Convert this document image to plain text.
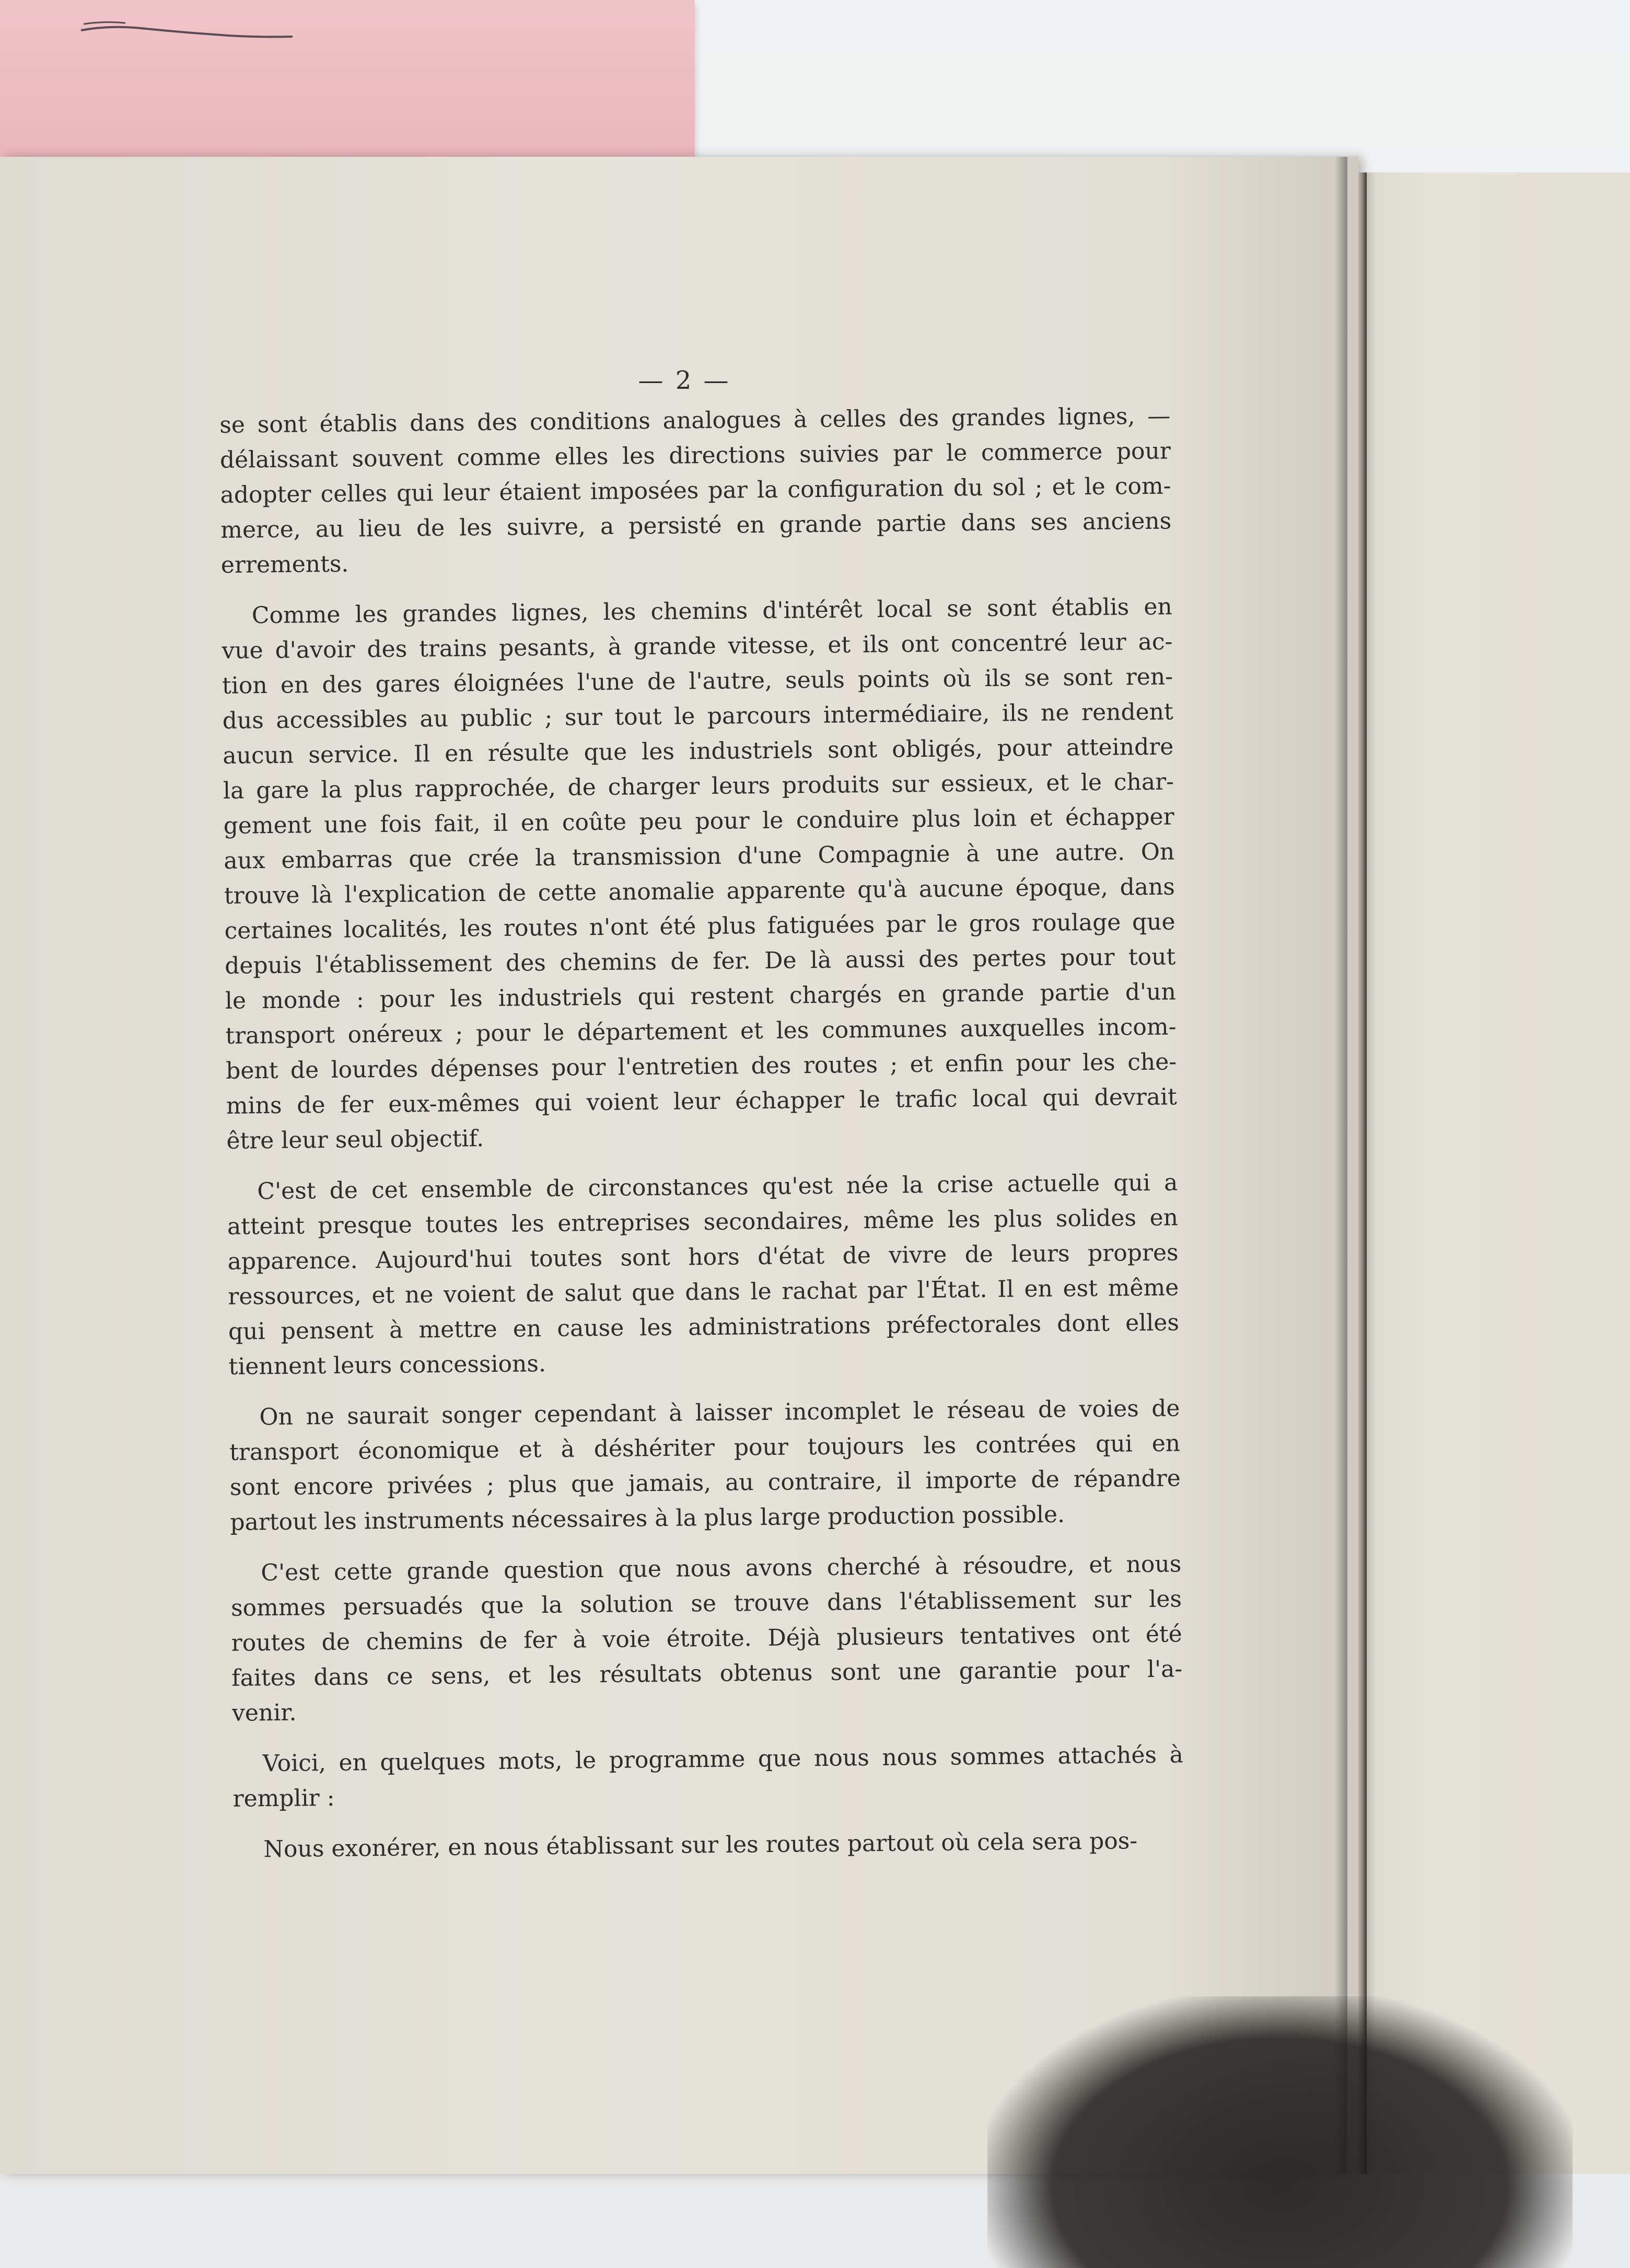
— 2 —
se sont établis dans des conditions analogues à celles des grandes lignes, —
délaissant souvent comme elles les directions suivies par le commerce pour
adopter celles qui leur étaient imposées par la configuration du sol ; et le com-
merce, au lieu de les suivre, a persisté en grande partie dans ses anciens
errements.
Comme les grandes lignes, les chemins d'intérêt local se sont établis en
vue d'avoir des trains pesants, à grande vitesse, et ils ont concentré leur ac-
tion en des gares éloignées l'une de l'autre, seuls points où ils se sont ren-
dus accessibles au public ; sur tout le parcours intermédiaire, ils ne rendent
aucun service. Il en résulte que les industriels sont obligés, pour atteindre
la gare la plus rapprochée, de charger leurs produits sur essieux, et le char-
gement une fois fait, il en coûte peu pour le conduire plus loin et échapper
aux embarras que crée la transmission d'une Compagnie à une autre. On
trouve là l'explication de cette anomalie apparente qu'à aucune époque, dans
certaines localités, les routes n'ont été plus fatiguées par le gros roulage que
depuis l'établissement des chemins de fer. De là aussi des pertes pour tout
le monde : pour les industriels qui restent chargés en grande partie d'un
transport onéreux ; pour le département et les communes auxquelles incom-
bent de lourdes dépenses pour l'entretien des routes ; et enfin pour les che-
mins de fer eux-mêmes qui voient leur échapper le trafic local qui devrait
être leur seul objectif.
C'est de cet ensemble de circonstances qu'est née la crise actuelle qui a
atteint presque toutes les entreprises secondaires, même les plus solides en
apparence. Aujourd'hui toutes sont hors d'état de vivre de leurs propres
ressources, et ne voient de salut que dans le rachat par l'État. Il en est même
qui pensent à mettre en cause les administrations préfectorales dont elles
tiennent leurs concessions.
On ne saurait songer cependant à laisser incomplet le réseau de voies de
transport économique et à déshériter pour toujours les contrées qui en
sont encore privées ; plus que jamais, au contraire, il importe de répandre
partout les instruments nécessaires à la plus large production possible.
C'est cette grande question que nous avons cherché à résoudre, et nous
sommes persuadés que la solution se trouve dans l'établissement sur les
routes de chemins de fer à voie étroite. Déjà plusieurs tentatives ont été
faites dans ce sens, et les résultats obtenus sont une garantie pour l'a-
venir.
Voici, en quelques mots, le programme que nous nous sommes attachés à
remplir :
Nous exonérer, en nous établissant sur les routes partout où cela sera pos-
